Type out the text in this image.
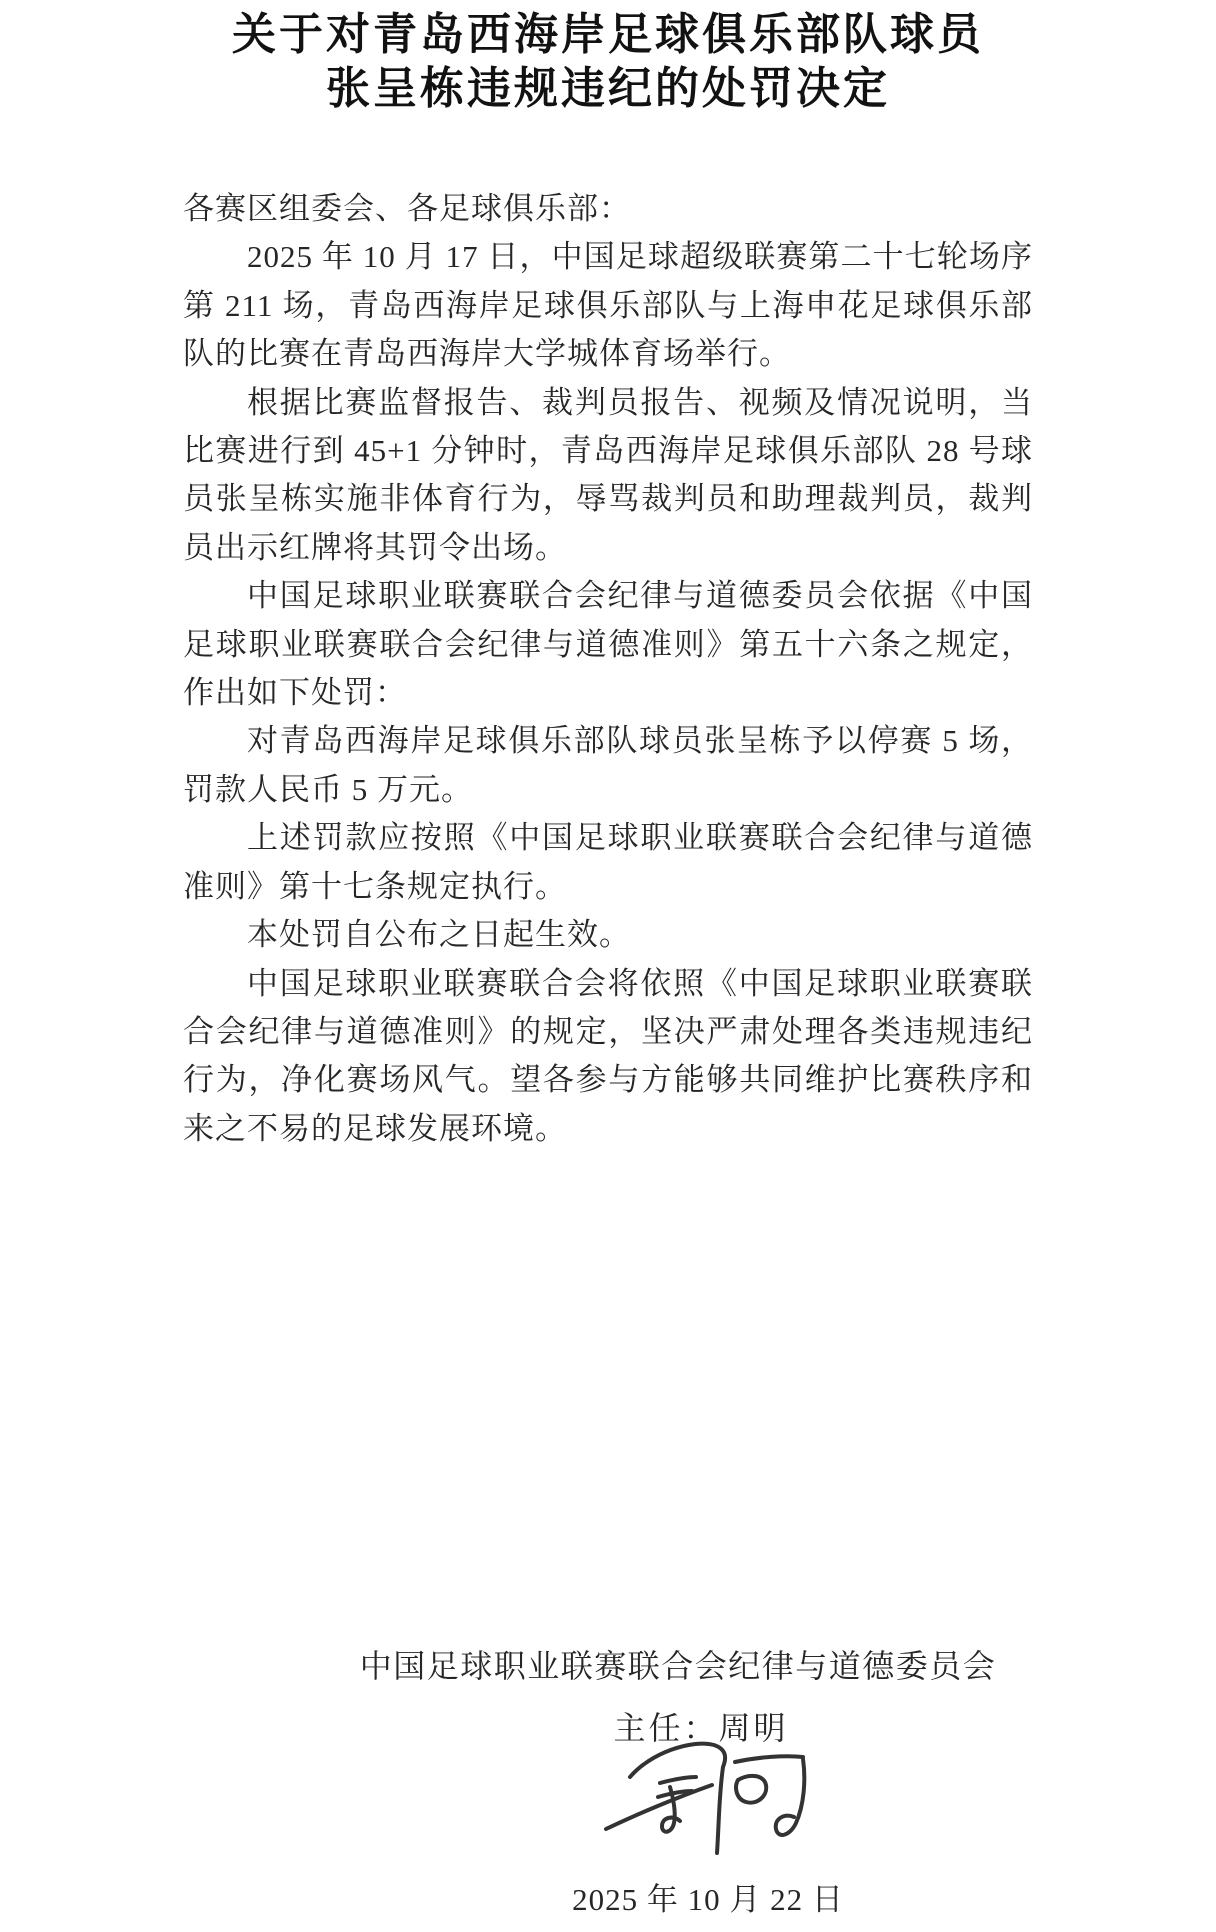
关于对青岛西海岸足球俱乐部队球员
张呈栋违规违纪的处罚决定
各赛区组委会、各足球俱乐部：
2025 年 10 月 17 日，中国足球超级联赛第二十七轮场序
第 211 场，青岛西海岸足球俱乐部队与上海申花足球俱乐部
队的比赛在青岛西海岸大学城体育场举行。
根据比赛监督报告、裁判员报告、视频及情况说明，当
比赛进行到 45+1 分钟时，青岛西海岸足球俱乐部队 28 号球
员张呈栋实施非体育行为，辱骂裁判员和助理裁判员，裁判
员出示红牌将其罚令出场。
中国足球职业联赛联合会纪律与道德委员会依据《中国
足球职业联赛联合会纪律与道德准则》第五十六条之规定，
作出如下处罚：
对青岛西海岸足球俱乐部队球员张呈栋予以停赛 5 场，
罚款人民币 5 万元。
上述罚款应按照《中国足球职业联赛联合会纪律与道德
准则》第十七条规定执行。
本处罚自公布之日起生效。
中国足球职业联赛联合会将依照《中国足球职业联赛联
合会纪律与道德准则》的规定，坚决严肃处理各类违规违纪
行为，净化赛场风气。望各参与方能够共同维护比赛秩序和
来之不易的足球发展环境。
中国足球职业联赛联合会纪律与道德委员会
主任：周明
2025 年 10 月 22 日
